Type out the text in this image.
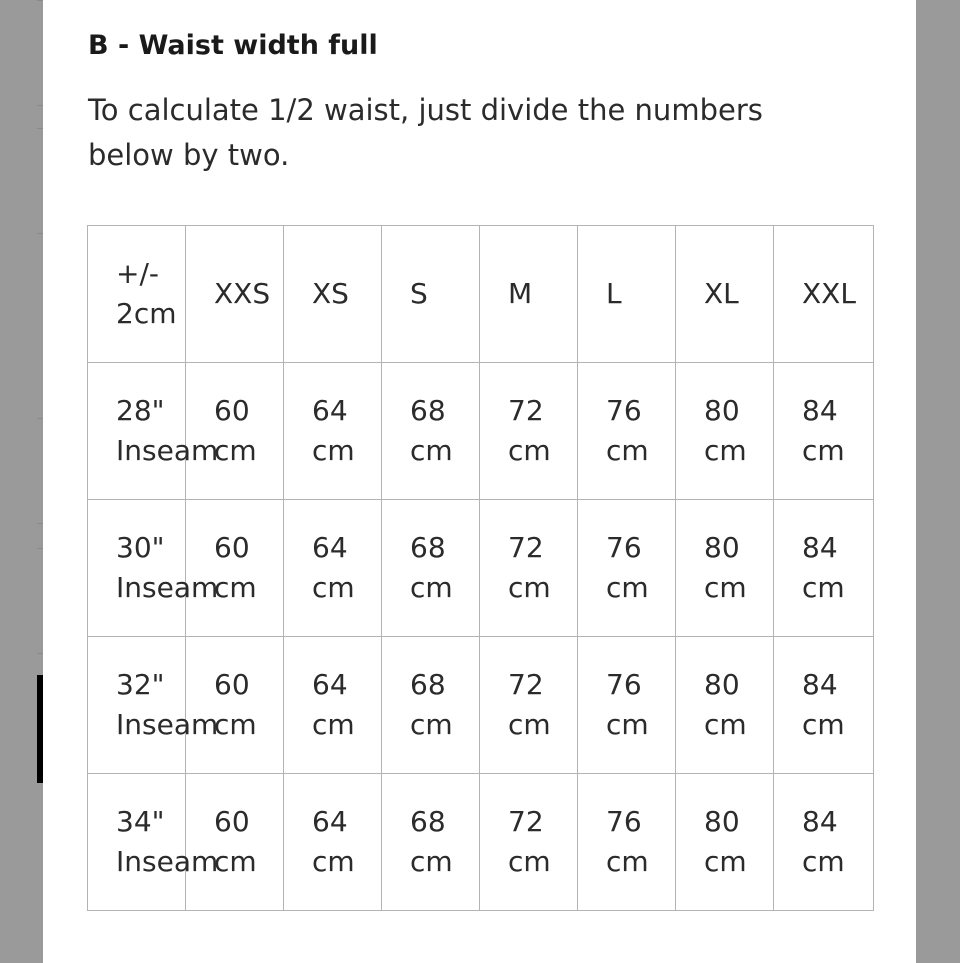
B - Waist width full

To calculate 1/2 waist, just divide the numbers below by two.

+/-
2cm	XXS	XS	S	M	L	XL	XXL

28"
Inseam	60
cm	64
cm	68
cm	72
cm	76
cm	80
cm	84
cm

30"
Inseam	60
cm	64
cm	68
cm	72
cm	76
cm	80
cm	84
cm

32"
Inseam	60
cm	64
cm	68
cm	72
cm	76
cm	80
cm	84
cm

34"
Inseam	60
cm	64
cm	68
cm	72
cm	76
cm	80
cm	84
cm
